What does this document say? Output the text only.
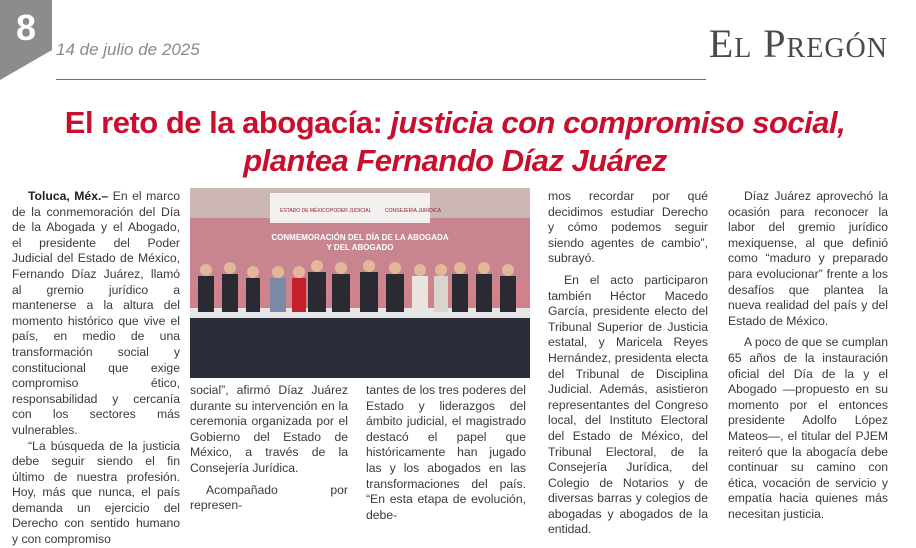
8
14 de julio de 2025	El Pregón
El reto de la abogacía: justicia con compromiso social,
plantea Fernando Díaz Juárez

Toluca, Méx.– En el marco de la conmemoración del Día de la Abogada y el Abogado, el presidente del Poder Judicial del Estado de México, Fernando Díaz Juárez, llamó al gremio jurídico a mantenerse a la altura del momento histórico que vive el país, en medio de una transformación social y constitucional que exige compromiso ético, responsabilidad y cercanía con los sectores más vulnerables.

“La búsqueda de la justicia debe seguir siendo el fin último de nuestra profesión. Hoy, más que nunca, el país demanda un ejercicio del Derecho con sentido humano y con compromiso

ESTADO DE MÉXICO PODER JUDICIAL	CONSEJERÍA JURÍDICA
CONMEMORACIÓN DEL DÍA DE LA ABOGADA
Y DEL ABOGADO

social”, afirmó Díaz Juárez durante su intervención en la ceremonia organizada por el Gobierno del Estado de México, a través de la Consejería Jurídica.

Acompañado por represen-

tantes de los tres poderes del Estado y liderazgos del ámbito judicial, el magistrado destacó el papel que históricamente han jugado las y los abogados en las transformaciones del país. “En esta etapa de evolución, debe-

mos recordar por qué decidimos estudiar Derecho y cómo podemos seguir siendo agentes de cambio”, subrayó.

En el acto participaron también Héctor Macedo García, presidente electo del Tribunal Superior de Justicia estatal, y Maricela Reyes Hernández, presidenta electa del Tribunal de Disciplina Judicial. Además, asistieron representantes del Congreso local, del Instituto Electoral del Estado de México, del Tribunal Electoral, de la Consejería Jurídica, del Colegio de Notarios y de diversas barras y colegios de abogadas y abogados de la entidad.

Díaz Juárez aprovechó la ocasión para reconocer la labor del gremio jurídico mexiquense, al que definió como “maduro y preparado para evolucionar” frente a los desafíos que plantea la nueva realidad del país y del Estado de México.

A poco de que se cumplan 65 años de la instauración oficial del Día de la y el Abogado —propuesto en su momento por el entonces presidente Adolfo López Mateos—, el titular del PJEM reiteró que la abogacía debe continuar su camino con ética, vocación de servicio y empatía hacia quienes más necesitan justicia.
